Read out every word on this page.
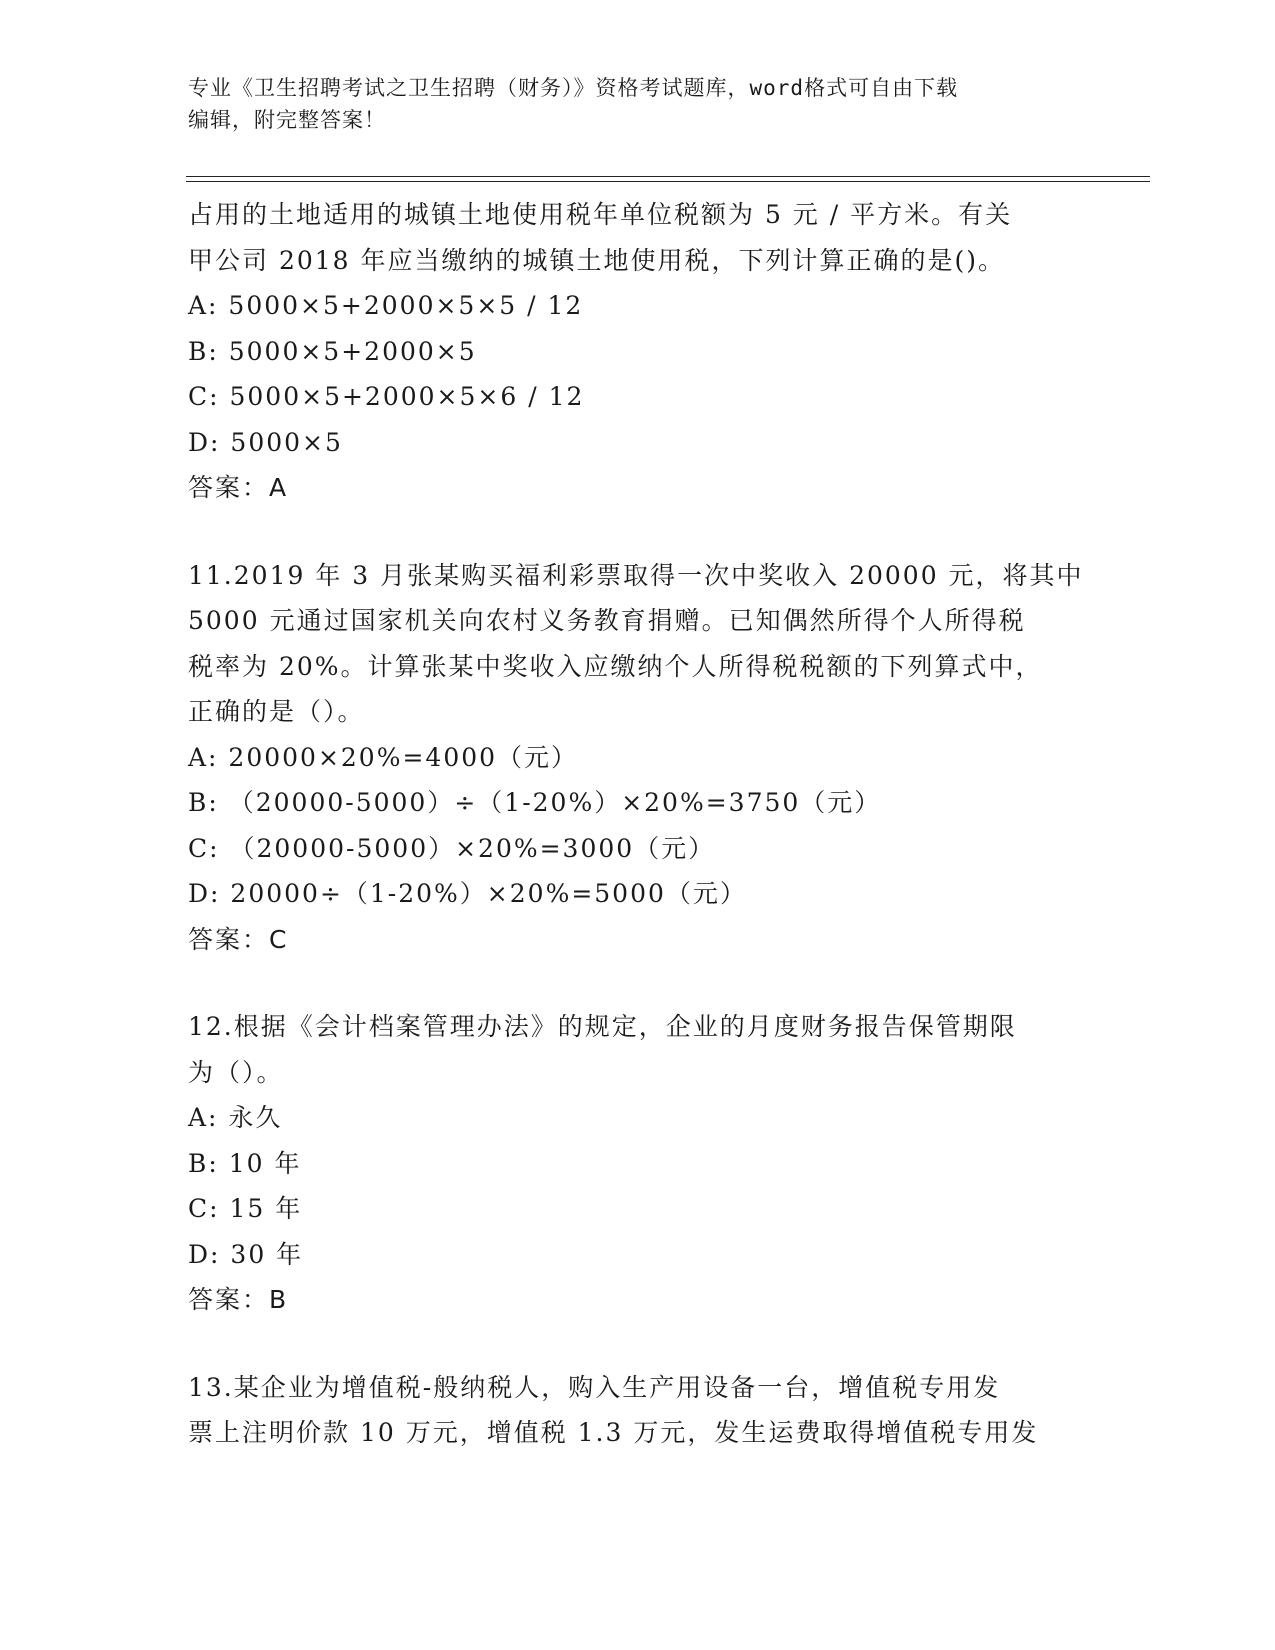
专业《卫生招聘考试之卫生招聘（财务）》资格考试题库，word格式可自由下载
编辑，附完整答案！
占用的土地适用的城镇土地使用税年单位税额为 5 元 / 平方米。有关
甲公司 2018 年应当缴纳的城镇土地使用税，下列计算正确的是()。
A: 5000×5+2000×5×5 / 12
B: 5000×5+2000×5
C: 5000×5+2000×5×6 / 12
D: 5000×5
答案：A
11.2019 年 3 月张某购买福利彩票取得一次中奖收入 20000 元，将其中
5000 元通过国家机关向农村义务教育捐赠。已知偶然所得个人所得税
税率为 20%。计算张某中奖收入应缴纳个人所得税税额的下列算式中，
正确的是（）。
A: 20000×20%=4000（元）
B: （20000-5000）÷（1-20%）×20%=3750（元）
C: （20000-5000）×20%=3000（元）
D: 20000÷（1-20%）×20%=5000（元）
答案：C
12.根据《会计档案管理办法》的规定，企业的月度财务报告保管期限
为（）。
A: 永久
B: 10 年
C: 15 年
D: 30 年
答案：B
13.某企业为增值税-般纳税人，购入生产用设备一台，增值税专用发
票上注明价款 10 万元，增值税 1.3 万元，发生运费取得增值税专用发
